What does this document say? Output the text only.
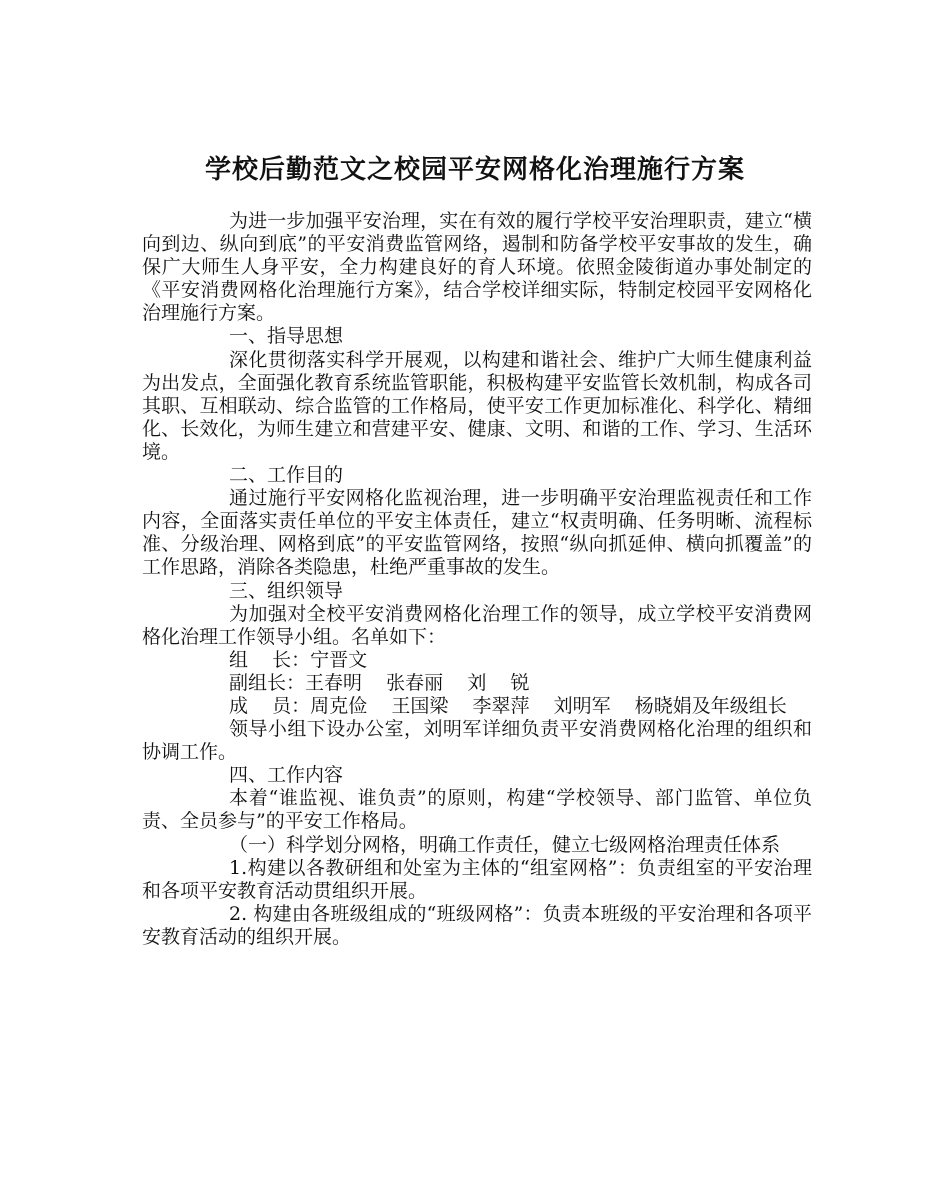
学校后勤范文之校园平安网格化治理施行方案

为进一步加强平安治理，实在有效的履行学校平安治理职责，建立“横向到边、纵向到底”的平安消费监管网络，遏制和防备学校平安事故的发生，确保广大师生人身平安，全力构建良好的育人环境。依照金陵街道办事处制定的《平安消费网格化治理施行方案》，结合学校详细实际，特制定校园平安网格化治理施行方案。

一、指导思想

深化贯彻落实科学开展观，以构建和谐社会、维护广大师生健康利益为出发点，全面强化教育系统监管职能，积极构建平安监管长效机制，构成各司其职、互相联动、综合监管的工作格局，使平安工作更加标准化、科学化、精细化、长效化，为师生建立和营建平安、健康、文明、和谐的工作、学习、生活环境。

二、工作目的

通过施行平安网格化监视治理，进一步明确平安治理监视责任和工作内容，全面落实责任单位的平安主体责任，建立“权责明确、任务明晰、流程标准、分级治理、网格到底”的平安监管网络，按照“纵向抓延伸、横向抓覆盖”的工作思路，消除各类隐患，杜绝严重事故的发生。

三、组织领导

为加强对全校平安消费网格化治理工作的领导，成立学校平安消费网格化治理工作领导小组。名单如下：

组    长：宁晋文

副组长：王春明    张春丽    刘    锐

成    员：周克俭    王国梁    李翠萍    刘明军    杨晓娟及年级组长

领导小组下设办公室，刘明军详细负责平安消费网格化治理的组织和协调工作。

四、工作内容

本着“谁监视、谁负责”的原则，构建“学校领导、部门监管、单位负责、全员参与”的平安工作格局。

（一）科学划分网格，明确工作责任，健立七级网格治理责任体系

1.构建以各教研组和处室为主体的“组室网格”：负责组室的平安治理和各项平安教育活动贯组织开展。

2. 构建由各班级组成的“班级网格”：负责本班级的平安治理和各项平安教育活动的组织开展。
